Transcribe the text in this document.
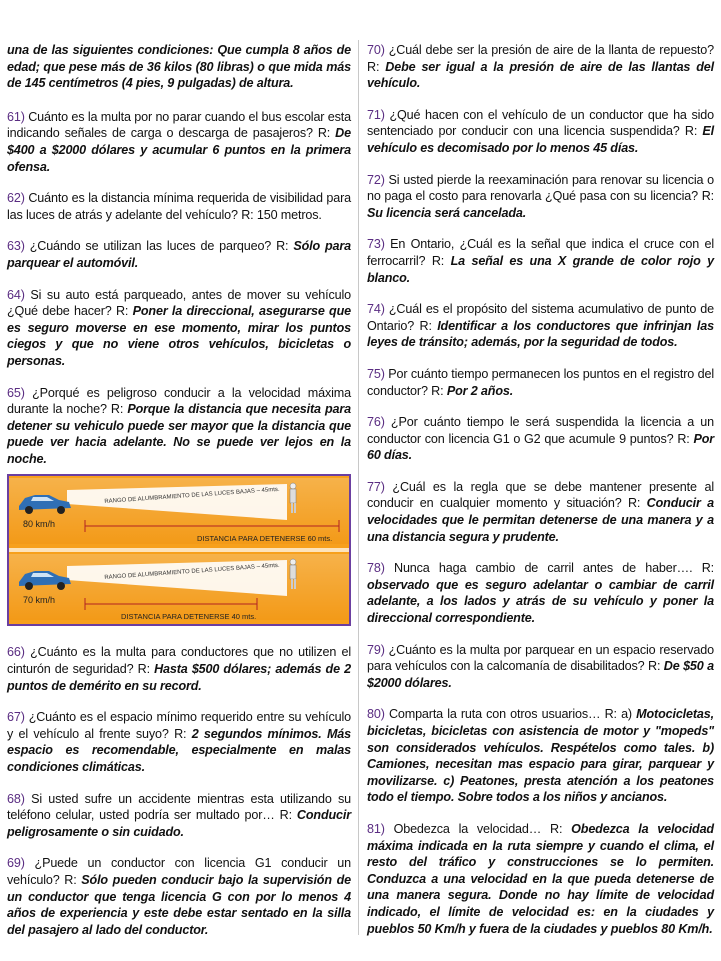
una de las siguientes condiciones: Que cumpla 8 años de edad; que pese más de 36 kilos (80 libras) o que mida más de 145 centímetros (4 pies, 9 pulgadas) de altura.

61) Cuánto es la multa por no parar cuando el bus escolar esta indicando señales de carga o descarga de pasajeros? R: De $400 a $2000 dólares y acumular 6 puntos en la primera ofensa.

62) Cuánto es la distancia mínima requerida de visibilidad para las luces de atrás y adelante del vehículo? R: 150 metros.

63) ¿Cuándo se utilizan las luces de parqueo? R: Sólo para parquear el automóvil.

64) Si su auto está parqueado, antes de mover su vehículo ¿Qué debe hacer? R: Poner la direccional, asegurarse que es seguro moverse en ese momento, mirar los puntos ciegos y que no viene otros vehículos, bicicletas o personas.

65) ¿Porqué es peligroso conducir a la velocidad máxima durante la noche? R: Porque la distancia que necesita para detener su vehiculo puede ser mayor que la distancia que puede ver hacia adelante. No se puede ver lejos en la noche.

80 km/h
RANGO DE ALUMBRAMIENTO DE LAS LUCES BAJAS – 45mts.
DISTANCIA PARA DETENERSE 60 mts.
70 km/h
RANGO DE ALUMBRAMIENTO DE LAS LUCES BAJAS – 45mts.
DISTANCIA PARA DETENERSE 40 mts.

66) ¿Cuánto es la multa para conductores que no utilizen el cinturón de seguridad? R: Hasta $500 dólares; además de 2 puntos de demérito en su record.

67) ¿Cuánto es el espacio mínimo requerido entre su vehículo y el vehículo al frente suyo? R: 2 segundos mínimos. Más espacio es recomendable, especialmente en malas condiciones climáticas.

68) Si usted sufre un accidente mientras esta utilizando su teléfono celular, usted podría ser multado por… R: Conducir peligrosamente o sin cuidado.

69) ¿Puede un conductor con licencia G1 conducir un vehículo? R: Sólo pueden conducir bajo la supervisión de un conductor que tenga licencia G con por lo menos 4 años de experiencia y este debe estar sentado en la silla del pasajero al lado del conductor.

70) ¿Cuál debe ser la presión de aire de la llanta de repuesto? R: Debe ser igual a la presión de aire de las llantas del vehículo.

71) ¿Qué hacen con el vehículo de un conductor que ha sido sentenciado por conducir con una licencia suspendida? R: El vehículo es decomisado por lo menos 45 días.

72) Si usted pierde la reexaminación para renovar su licencia o no paga el costo para renovarla ¿Qué pasa con su licencia? R: Su licencia será cancelada.

73) En Ontario, ¿Cuál es la señal que indica el cruce con el ferrocarril? R: La señal es una X grande de color rojo y blanco.

74) ¿Cuál es el propósito del sistema acumulativo de punto de Ontario? R: Identificar a los conductores que infrinjan las leyes de tránsito; además, por la seguridad de todos.

75) Por cuánto tiempo permanecen los puntos en el registro del conductor? R: Por 2 años.

76) ¿Por cuánto tiempo le será suspendida la licencia a un conductor con licencia G1 o G2 que acumule 9 puntos? R: Por 60 días.

77) ¿Cuál es la regla que se debe mantener presente al conducir en cualquier momento y situación? R: Conducir a velocidades que le permitan detenerse de una manera y a una distancia segura y prudente.

78) Nunca haga cambio de carril antes de haber…. R: observado que es seguro adelantar o cambiar de carril adelante, a los lados y atrás de su vehículo y poner la direccional correspondiente.

79) ¿Cuánto es la multa por parquear en un espacio reservado para vehículos con la calcomanía de disabilitados? R: De $50 a $2000 dólares.

80) Comparta la ruta con otros usuarios… R: a) Motocicletas, bicicletas, bicicletas con asistencia de motor y "mopeds" son considerados vehículos. Respételos como tales. b) Camiones, necesitan mas espacio para girar, parquear y movilizarse. c) Peatones, presta atención a los peatones todo el tiempo. Sobre todos a los niños y ancianos.

81) Obedezca la velocidad… R: Obedezca la velocidad máxima indicada en la ruta siempre y cuando el clima, el resto del tráfico y construcciones se lo permiten. Conduzca a una velocidad en la que pueda detenerse de una manera segura. Donde no hay límite de velocidad indicado, el límite de velocidad es: en la ciudades y pueblos 50 Km/h y fuera de la ciudades y pueblos 80 Km/h.
